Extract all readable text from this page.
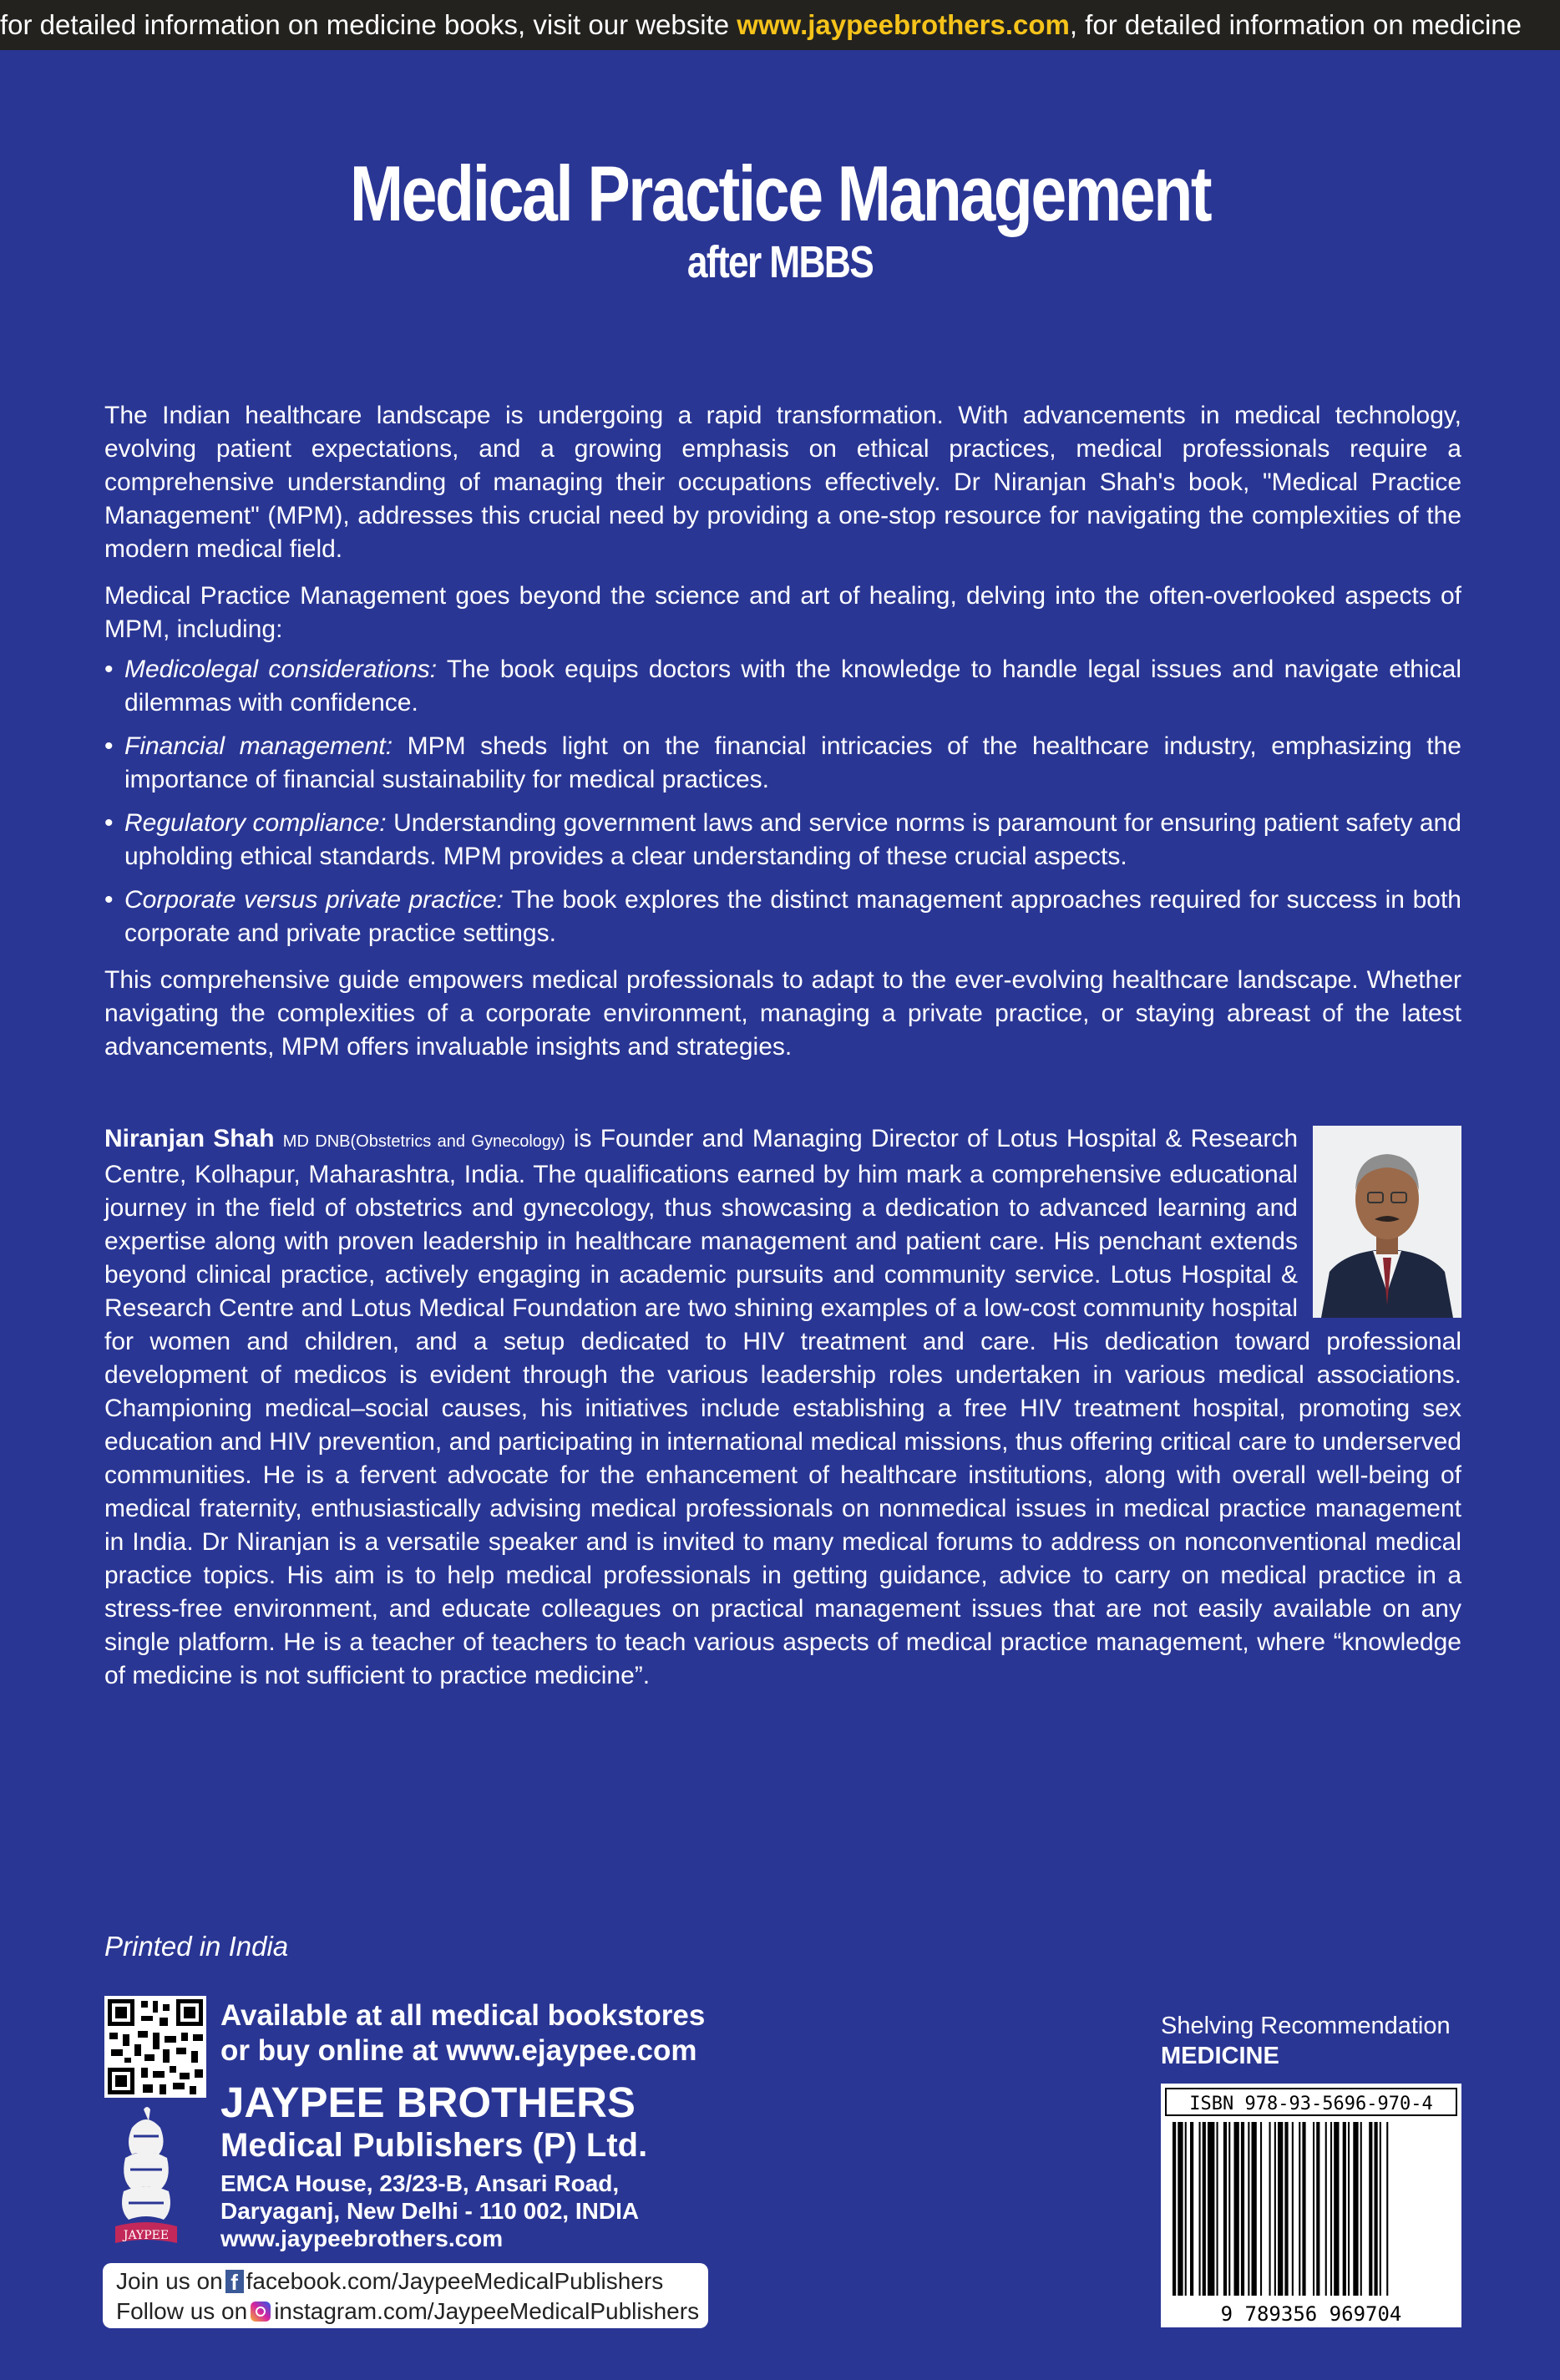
for detailed information on medicine books, visit our website www.jaypeebrothers.com, for detailed information on medicine
Medical Practice Management
after MBBS

The Indian healthcare landscape is undergoing a rapid transformation. With advancements in medical technology, evolving patient expectations, and a growing emphasis on ethical practices, medical professionals require a comprehensive understanding of managing their occupations effectively. Dr Niranjan Shah's book, "Medical Practice Management" (MPM), addresses this crucial need by providing a one-stop resource for navigating the complexities of the modern medical field.

Medical Practice Management goes beyond the science and art of healing, delving into the often-overlooked aspects of MPM, including:

• Medicolegal considerations: The book equips doctors with the knowledge to handle legal issues and navigate ethical dilemmas with confidence.
• Financial management: MPM sheds light on the financial intricacies of the healthcare industry, emphasizing the importance of financial sustainability for medical practices.
• Regulatory compliance: Understanding government laws and service norms is paramount for ensuring patient safety and upholding ethical standards. MPM provides a clear understanding of these crucial aspects.
• Corporate versus private practice: The book explores the distinct management approaches required for success in both corporate and private practice settings.

This comprehensive guide empowers medical professionals to adapt to the ever-evolving healthcare landscape. Whether navigating the complexities of a corporate environment, managing a private practice, or staying abreast of the latest advancements, MPM offers invaluable insights and strategies.

Niranjan Shah MD DNB(Obstetrics and Gynecology) is Founder and Managing Director of Lotus Hospital & Research Centre, Kolhapur, Maharashtra, India. The qualifications earned by him mark a comprehensive educational journey in the field of obstetrics and gynecology, thus showcasing a dedication to advanced learning and expertise along with proven leadership in healthcare management and patient care. His penchant extends beyond clinical practice, actively engaging in academic pursuits and community service. Lotus Hospital & Research Centre and Lotus Medical Foundation are two shining examples of a low-cost community hospital for women and children, and a setup dedicated to HIV treatment and care. His dedication toward professional development of medicos is evident through the various leadership roles undertaken in various medical associations. Championing medical–social causes, his initiatives include establishing a free HIV treatment hospital, promoting sex education and HIV prevention, and participating in international medical missions, thus offering critical care to underserved communities. He is a fervent advocate for the enhancement of healthcare institutions, along with overall well-being of medical fraternity, enthusiastically advising medical professionals on nonmedical issues in medical practice management in India. Dr Niranjan is a versatile speaker and is invited to many medical forums to address on nonconventional medical practice topics. His aim is to help medical professionals in getting guidance, advice to carry on medical practice in a stress-free environment, and educate colleagues on practical management issues that are not easily available on any single platform. He is a teacher of teachers to teach various aspects of medical practice management, where “knowledge of medicine is not sufficient to practice medicine”.
Printed in India
Available at all medical bookstores
or buy online at www.ejaypee.com
JAYPEE
JAYPEE BROTHERS
Medical Publishers (P) Ltd.
EMCA House, 23/23-B, Ansari Road,
Daryaganj, New Delhi - 110 002, INDIA
www.jaypeebrothers.com
Join us on f facebook.com/JaypeeMedicalPublishers
Follow us on instagram.com/JaypeeMedicalPublishers
Shelving Recommendation
MEDICINE
ISBN 978-93-5696-970-4
9 789356 969704
